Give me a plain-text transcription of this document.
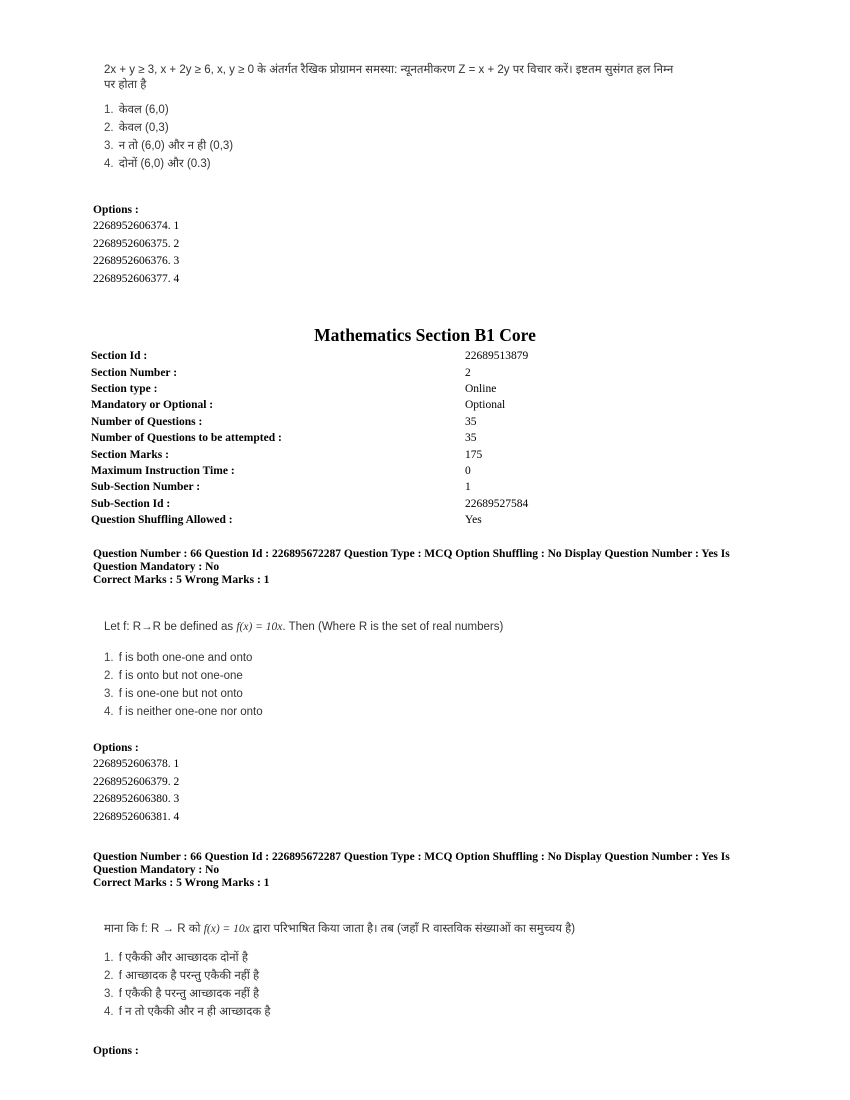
2x + y ≥ 3, x + 2y ≥ 6, x, y ≥ 0 के अंतर्गत रैखिक प्रोग्रामन समस्या: न्यूनतमीकरण Z = x + 2y पर विचार करें। इष्टतम सुसंगत हल निम्न
पर होता है
1. केवल (6,0)
2. केवल (0,3)
3. न तो (6,0) और न ही (0,3)
4. दोनों (6,0) और (0.3)
Options :
2268952606374. 1
2268952606375. 2
2268952606376. 3
2268952606377. 4
Mathematics Section B1 Core
Section Id :	22689513879
Section Number :	2
Section type :	Online
Mandatory or Optional :	Optional
Number of Questions :	35
Number of Questions to be attempted :	35
Section Marks :	175
Maximum Instruction Time :	0
Sub-Section Number :	1
Sub-Section Id :	22689527584
Question Shuffling Allowed :	Yes
Question Number : 66 Question Id : 226895672287 Question Type : MCQ Option Shuffling : No Display Question Number : Yes Is
Question Mandatory : No
Correct Marks : 5 Wrong Marks : 1
Let f: R→R be defined as f(x) = 10x. Then (Where R is the set of real numbers)
1. f is both one-one and onto
2. f is onto but not one-one
3. f is one-one but not onto
4. f is neither one-one nor onto
Options :
2268952606378. 1
2268952606379. 2
2268952606380. 3
2268952606381. 4
Question Number : 66 Question Id : 226895672287 Question Type : MCQ Option Shuffling : No Display Question Number : Yes Is
Question Mandatory : No
Correct Marks : 5 Wrong Marks : 1
माना कि f: R → R को f(x) = 10x द्वारा परिभाषित किया जाता है। तब (जहाँ R वास्तविक संख्याओं का समुच्चय है)
1. f एकैकी और आच्छादक दोनों है
2. f आच्छादक है परन्तु एकैकी नहीं है
3. f एकैकी है परन्तु आच्छादक नहीं है
4. f न तो एकैकी और न ही आच्छादक है
Options :
